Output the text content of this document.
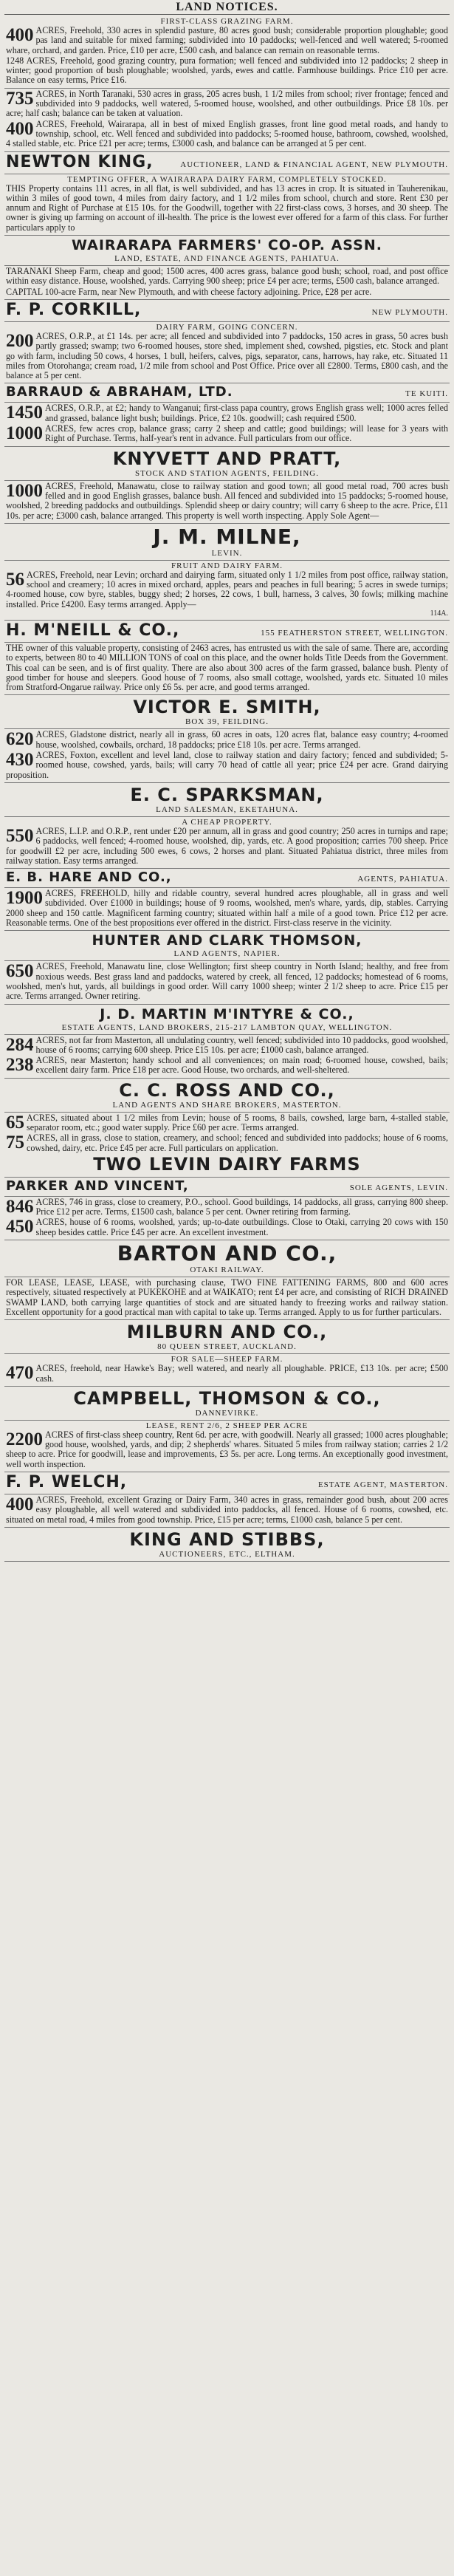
LAND NOTICES.
FIRST-CLASS GRAZING FARM.

400 ACRES, Freehold, 330 acres in splendid pasture, 80 acres good bush; considerable proportion ploughable; good pas land and suitable for mixed farming; subdivided into 10 paddocks; well-fenced and well watered; 5-roomed whare, orchard, and garden. Price, £10 per acre, £500 cash, and balance can remain on reasonable terms.

1248 ACRES, Freehold, good grazing country, pura formation; well fenced and subdivided into 12 paddocks; 2 sheep in winter; good proportion of bush ploughable; woolshed, yards, ewes and cattle. Farmhouse buildings. Price £10 per acre. Balance on easy terms, Price £16.

735 ACRES, in North Taranaki, 530 acres in grass, 205 acres bush, 1 1/2 miles from school; river frontage; fenced and subdivided into 9 paddocks, well watered, 5-roomed house, woolshed, and other outbuildings. Price £8 10s. per acre; half cash; balance can be taken at valuation.

400 ACRES, Freehold, Wairarapa, all in best of mixed English grasses, front line good metal roads, and handy to township, school, etc. Well fenced and subdivided into paddocks; 5-roomed house, bathroom, cowshed, woolshed, 4 stalled stable, etc. Price £21 per acre; terms, £3000 cash, and balance can be arranged at 5 per cent.

NEWTON KING,	AUCTIONEER, LAND & FINANCIAL AGENT, NEW PLYMOUTH.
TEMPTING OFFER, A WAIRARAPA DAIRY FARM, COMPLETELY STOCKED.

THIS Property contains 111 acres, in all flat, is well subdivided, and has 13 acres in crop. It is situated in Tauherenikau, within 3 miles of good town, 4 miles from dairy factory, and 1 1/2 miles from school, church and store. Rent £30 per annum and Right of Purchase at £15 10s. for the Goodwill, together with 22 first-class cows, 3 horses, and 30 sheep. The owner is giving up farming on account of ill-health. The price is the lowest ever offered for a farm of this class. For further particulars apply to

WAIRARAPA FARMERS' CO-OP. ASSN.
LAND, ESTATE, AND FINANCE AGENTS, PAHIATUA.

TARANAKI Sheep Farm, cheap and good; 1500 acres, 400 acres grass, balance good bush; school, road, and post office within easy distance. House, woolshed, yards. Carrying 900 sheep; price £4 per acre; terms, £500 cash, balance arranged.

CAPITAL 100-acre Farm, near New Plymouth, and with cheese factory adjoining. Price, £28 per acre.

F. P. CORKILL,	NEW PLYMOUTH.
DAIRY FARM, GOING CONCERN.

200 ACRES, O.R.P., at £1 14s. per acre; all fenced and subdivided into 7 paddocks, 150 acres in grass, 50 acres bush partly grassed; swamp; two 6-roomed houses, store shed, implement shed, cowshed, pigsties, etc. Stock and plant go with farm, including 50 cows, 4 horses, 1 bull, heifers, calves, pigs, separator, cans, harrows, hay rake, etc. Situated 11 miles from Otorohanga; cream road, 1/2 mile from school and Post Office. Price over all £2800. Terms, £800 cash, and the balance at 5 per cent.

BARRAUD & ABRAHAM, LTD.	TE KUITI.

1450 ACRES, O.R.P., at £2; handy to Wanganui; first-class papa country, grows English grass well; 1000 acres felled and grassed, balance light bush; buildings. Price, £2 10s. goodwill; cash required £500.

1000 ACRES, few acres crop, balance grass; carry 2 sheep and cattle; good buildings; will lease for 3 years with Right of Purchase. Terms, half-year's rent in advance. Full particulars from our office.

KNYVETT AND PRATT,
STOCK AND STATION AGENTS, FEILDING.

1000 ACRES, Freehold, Manawatu, close to railway station and good town; all good metal road, 700 acres bush felled and in good English grasses, balance bush. All fenced and subdivided into 15 paddocks; 5-roomed house, woolshed, 2 breeding paddocks and outbuildings. Splendid sheep or dairy country; will carry 6 sheep to the acre. Price, £11 10s. per acre; £3000 cash, balance arranged. This property is well worth inspecting. Apply Sole Agent—

J. M. MILNE,
LEVIN.
FRUIT AND DAIRY FARM.

56 ACRES, Freehold, near Levin; orchard and dairying farm, situated only 1 1/2 miles from post office, railway station, school and creamery; 10 acres in mixed orchard, apples, pears and peaches in full bearing; 5 acres in swede turnips; 4-roomed house, cow byre, stables, buggy shed; 2 horses, 22 cows, 1 bull, harness, 3 calves, 30 fowls; milking machine installed. Price £4200. Easy terms arranged. Apply—

114A.
H. M'NEILL & CO.,	155 FEATHERSTON STREET, WELLINGTON.

THE owner of this valuable property, consisting of 2463 acres, has entrusted us with the sale of same. There are, according to experts, between 80 to 40 MILLION TONS of coal on this place, and the owner holds Title Deeds from the Government. This coal can be seen, and is of first quality. There are also about 300 acres of the farm grassed, balance bush. Plenty of good timber for house and sleepers. Good house of 7 rooms, also small cottage, woolshed, yards etc. Situated 10 miles from Stratford-Ongarue railway. Price only £6 5s. per acre, and good terms arranged.

VICTOR E. SMITH,
BOX 39, FEILDING.

620 ACRES, Gladstone district, nearly all in grass, 60 acres in oats, 120 acres flat, balance easy country; 4-roomed house, woolshed, cowbails, orchard, 18 paddocks; price £18 10s. per acre. Terms arranged.

430 ACRES, Foxton, excellent and level land, close to railway station and dairy factory; fenced and subdivided; 5-roomed house, cowshed, yards, bails; will carry 70 head of cattle all year; price £24 per acre. Grand dairying proposition.

E. C. SPARKSMAN,
LAND SALESMAN, EKETAHUNA.
A CHEAP PROPERTY.

550 ACRES, L.I.P. and O.R.P., rent under £20 per annum, all in grass and good country; 250 acres in turnips and rape; 6 paddocks, well fenced; 4-roomed house, woolshed, dip, yards, etc. A good proposition; carries 700 sheep. Price for goodwill £2 per acre, including 500 ewes, 6 cows, 2 horses and plant. Situated Pahiatua district, three miles from railway station. Easy terms arranged.

E. B. HARE AND CO.,	AGENTS, PAHIATUA.

1900 ACRES, FREEHOLD, hilly and ridable country, several hundred acres ploughable, all in grass and well subdivided. Over £1000 in buildings; house of 9 rooms, woolshed, men's whare, yards, dip, stables. Carrying 2000 sheep and 150 cattle. Magnificent farming country; situated within half a mile of a good town. Price £12 per acre. Reasonable terms. One of the best propositions ever offered in the district. First-class reserve in the vicinity.

HUNTER AND CLARK THOMSON,
LAND AGENTS, NAPIER.

650 ACRES, Freehold, Manawatu line, close Wellington; first sheep country in North Island; healthy, and free from noxious weeds. Best grass land and paddocks, watered by creek, all fenced, 12 paddocks; homestead of 6 rooms, woolshed, men's hut, yards, all buildings in good order. Will carry 1000 sheep; winter 2 1/2 sheep to acre. Price £15 per acre. Terms arranged. Owner retiring.

J. D. MARTIN M'INTYRE & CO.,
ESTATE AGENTS, LAND BROKERS, 215-217 LAMBTON QUAY, WELLINGTON.

284 ACRES, not far from Masterton, all undulating country, well fenced; subdivided into 10 paddocks, good woolshed, house of 6 rooms; carrying 600 sheep. Price £15 10s. per acre; £1000 cash, balance arranged.

238 ACRES, near Masterton; handy school and all conveniences; on main road; 6-roomed house, cowshed, bails; excellent dairy farm. Price £18 per acre. Good House, two orchards, and well-sheltered.

C. C. ROSS AND CO.,
LAND AGENTS AND SHARE BROKERS, MASTERTON.

65 ACRES, situated about 1 1/2 miles from Levin; house of 5 rooms, 8 bails, cowshed, large barn, 4-stalled stable, separator room, etc.; good water supply. Price £60 per acre. Terms arranged.

75 ACRES, all in grass, close to station, creamery, and school; fenced and subdivided into paddocks; house of 6 rooms, cowshed, dairy, etc. Price £45 per acre. Full particulars on application.

TWO LEVIN DAIRY FARMS
PARKER AND VINCENT,	SOLE AGENTS, LEVIN.

846 ACRES, 746 in grass, close to creamery, P.O., school. Good buildings, 14 paddocks, all grass, carrying 800 sheep. Price £12 per acre. Terms, £1500 cash, balance 5 per cent. Owner retiring from farming.

450 ACRES, house of 6 rooms, woolshed, yards; up-to-date outbuildings. Close to Otaki, carrying 20 cows with 150 sheep besides cattle. Price £45 per acre. An excellent investment.

BARTON AND CO.,
OTAKI RAILWAY.

FOR LEASE, LEASE, LEASE, with purchasing clause, TWO FINE FATTENING FARMS, 800 and 600 acres respectively, situated respectively at PUKEKOHE and at WAIKATO; rent £4 per acre, and consisting of RICH DRAINED SWAMP LAND, both carrying large quantities of stock and are situated handy to freezing works and railway station. Excellent opportunity for a good practical man with capital to take up. Terms arranged. Apply to us for further particulars.

MILBURN AND CO.,
80 QUEEN STREET, AUCKLAND.
FOR SALE—SHEEP FARM.

470 ACRES, freehold, near Hawke's Bay; well watered, and nearly all ploughable. PRICE, £13 10s. per acre; £500 cash.

CAMPBELL, THOMSON & CO.,
DANNEVIRKE.
LEASE, RENT 2/6, 2 SHEEP PER ACRE

2200 ACRES of first-class sheep country, Rent 6d. per acre, with goodwill. Nearly all grassed; 1000 acres ploughable; good house, woolshed, yards, and dip; 2 shepherds' whares. Situated 5 miles from railway station; carries 2 1/2 sheep to acre. Price for goodwill, lease and improvements, £3 5s. per acre. Long terms. An exceptionally good investment, well worth inspection.

F. P. WELCH,	ESTATE AGENT, MASTERTON.

400 ACRES, Freehold, excellent Grazing or Dairy Farm, 340 acres in grass, remainder good bush, about 200 acres easy ploughable, all well watered and subdivided into paddocks, all fenced. House of 6 rooms, cowshed, etc. situated on metal road, 4 miles from good township. Price, £15 per acre; terms, £1000 cash, balance 5 per cent.

KING AND STIBBS,
AUCTIONEERS, ETC., ELTHAM.
